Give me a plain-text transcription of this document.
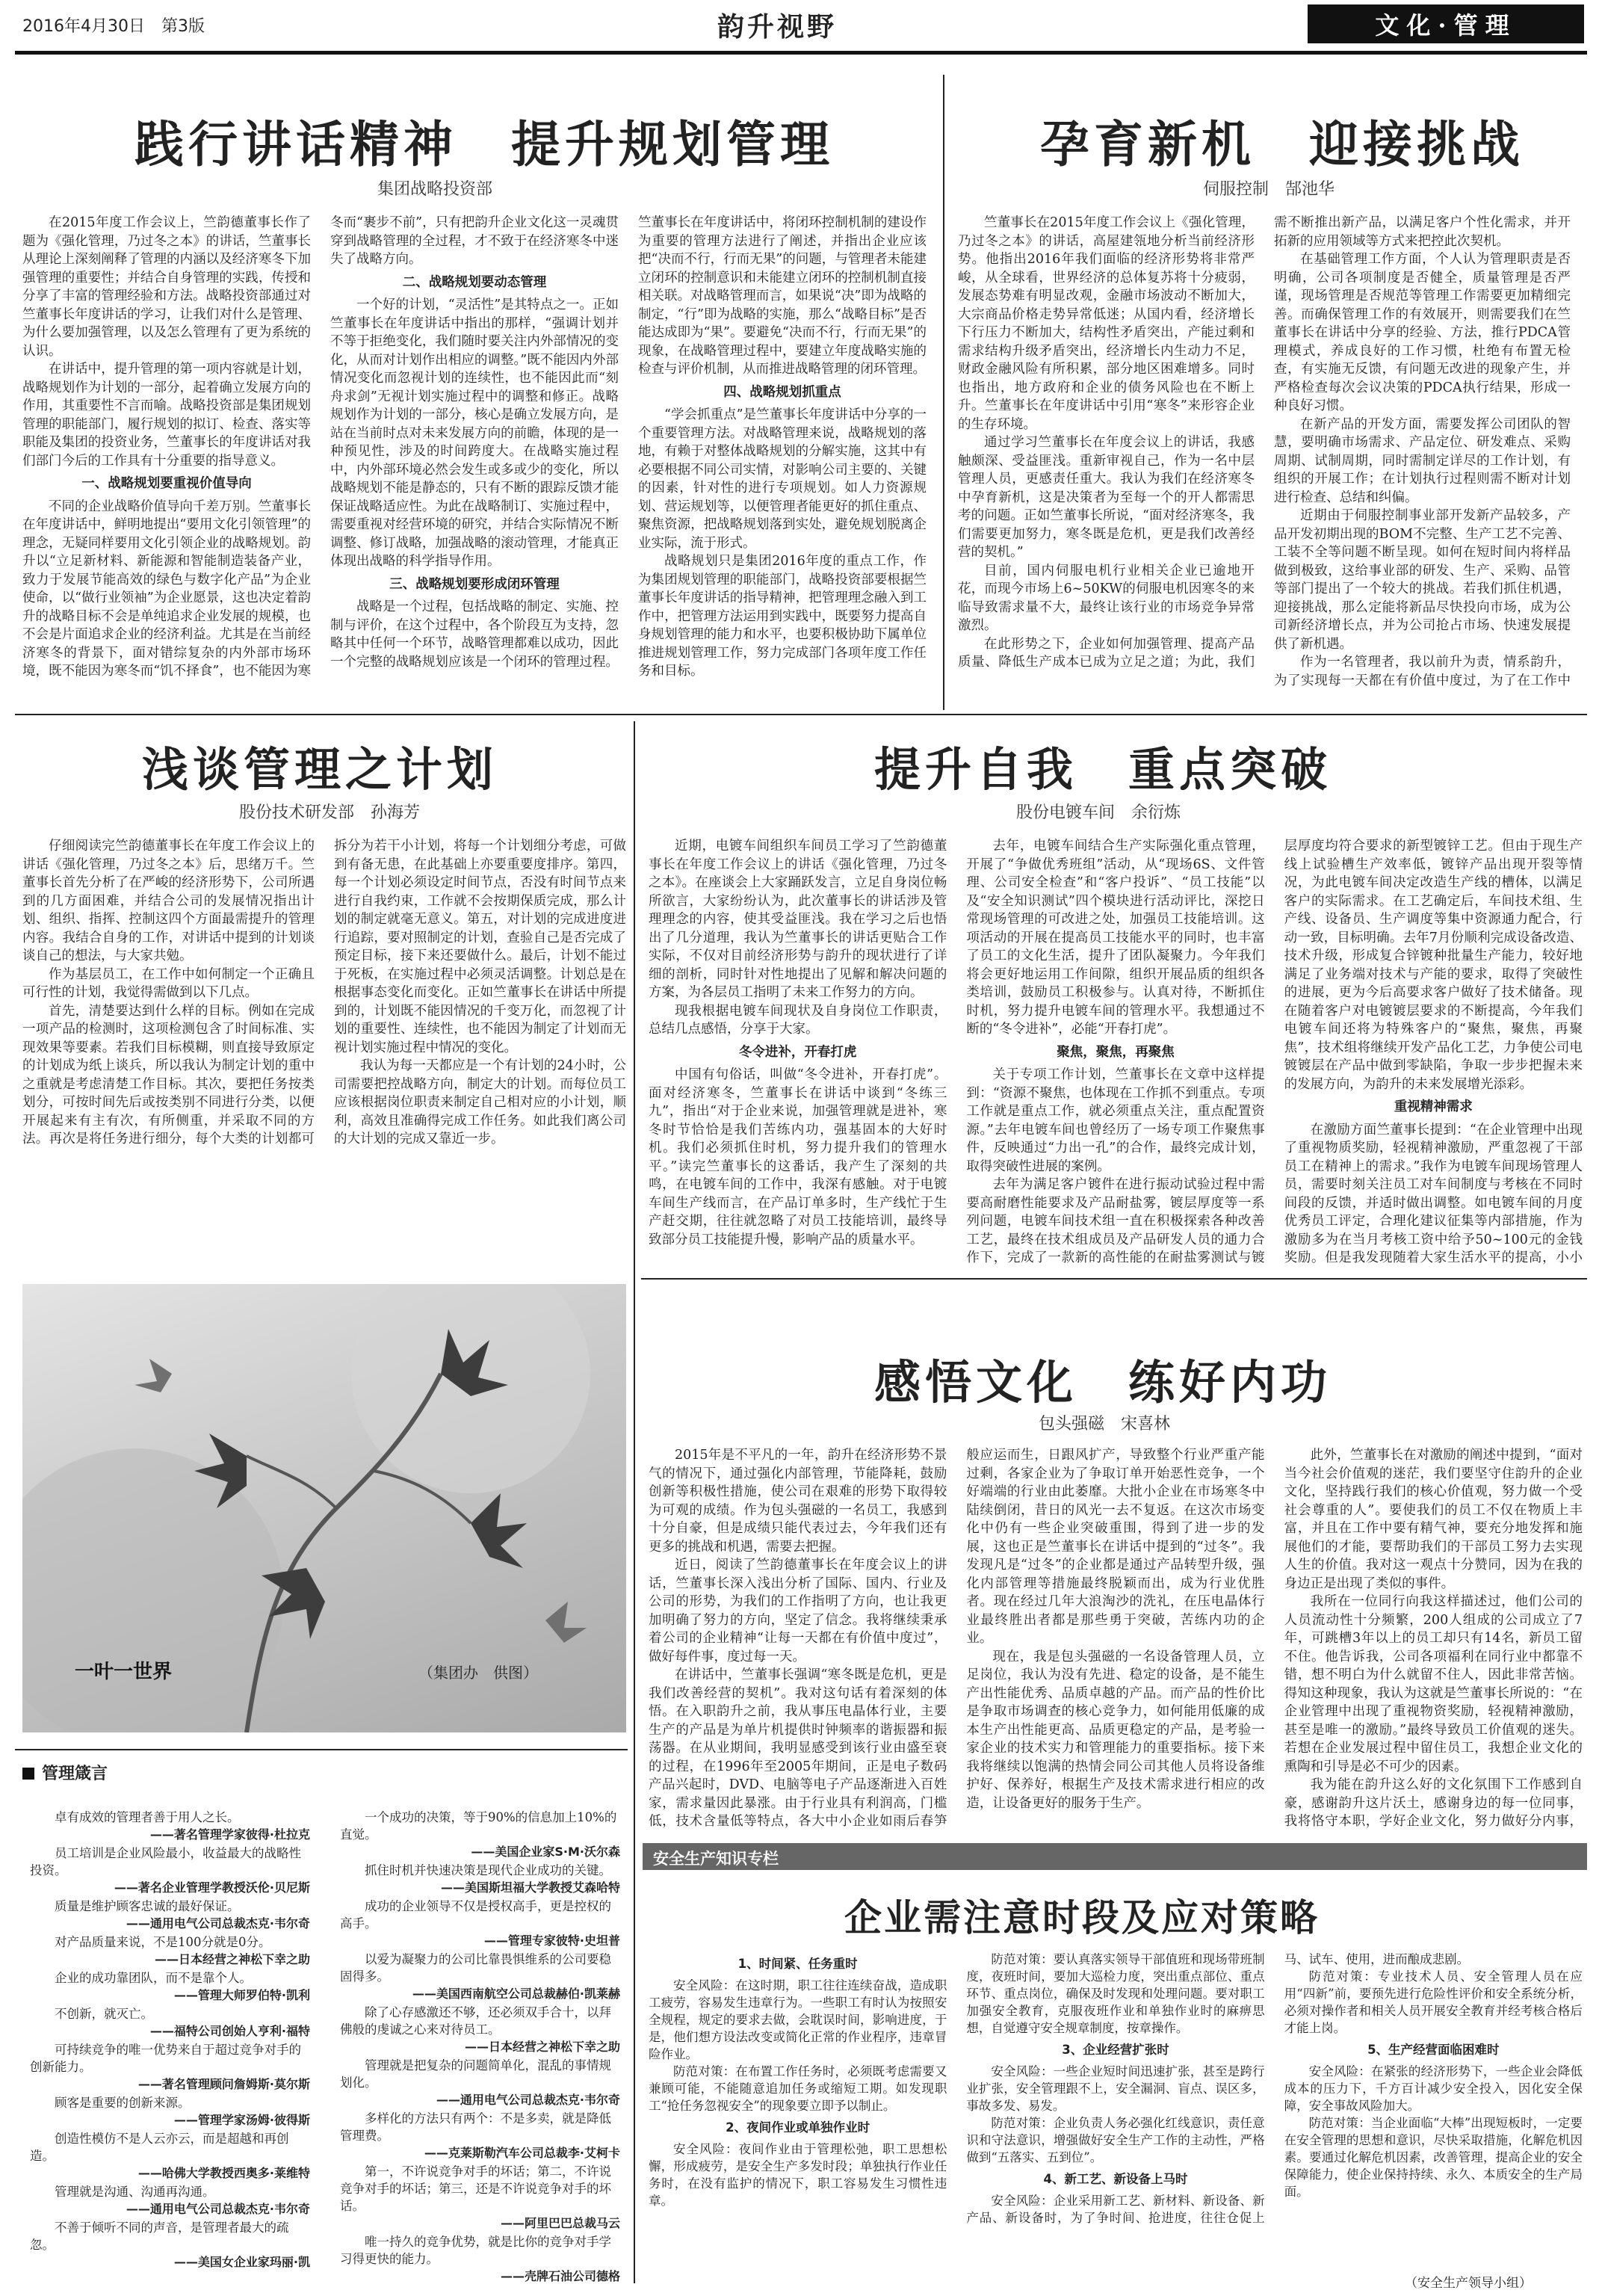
2016年4月30日　第3版	韵升视野	文化·管理
践行讲话精神　提升规划管理
集团战略投资部

在2015年度工作会议上，竺韵德董事长作了题为《强化管理，乃过冬之本》的讲话，竺董事长从理论上深刻阐释了管理的内涵以及经济寒冬下加强管理的重要性；并结合自身管理的实践，传授和分享了丰富的管理经验和方法。战略投资部通过对竺董事长年度讲话的学习，让我们对什么是管理、为什么要加强管理，以及怎么管理有了更为系统的认识。

在讲话中，提升管理的第一项内容就是计划，战略规划作为计划的一部分，起着确立发展方向的作用，其重要性不言而喻。战略投资部是集团规划管理的职能部门，履行规划的拟订、检查、落实等职能及集团的投资业务，竺董事长的年度讲话对我们部门今后的工作具有十分重要的指导意义。

一、战略规划要重视价值导向

不同的企业战略价值导向千差万别。竺董事长在年度讲话中，鲜明地提出“要用文化引领管理”的理念，无疑同样要用文化引领企业的战略规划。韵升以“立足新材料、新能源和智能制造装备产业，致力于发展节能高效的绿色与数字化产品”为企业使命，以“做行业领袖”为企业愿景，这也决定着韵升的战略目标不会是单纯追求企业发展的规模，也不会是片面追求企业的经济利益。尤其是在当前经济寒冬的背景下，面对错综复杂的内外部市场环境，既不能因为寒冬而“饥不择食”，也不能因为寒冬而“裹步不前”，只有把韵升企业文化这一灵魂贯穿到战略管理的全过程，才不致于在经济寒冬中迷失了战略方向。

二、战略规划要动态管理

一个好的计划，“灵活性”是其特点之一。正如竺董事长在年度讲话中指出的那样，“强调计划并不等于拒绝变化，我们随时要关注内外部情况的变化，从而对计划作出相应的调整。”既不能因内外部情况变化而忽视计划的连续性，也不能因此而“刻舟求剑”无视计划实施过程中的调整和修正。战略规划作为计划的一部分，核心是确立发展方向，是站在当前时点对未来发展方向的前瞻，体现的是一种预见性，涉及的时间跨度大。在战略实施过程中，内外部环境必然会发生或多或少的变化，所以战略规划不能是静态的，只有不断的跟踪反馈才能保证战略适应性。为此在战略制订、实施过程中，需要重视对经营环境的研究，并结合实际情况不断调整、修订战略，加强战略的滚动管理，才能真正体现出战略的科学指导作用。

三、战略规划要形成闭环管理

战略是一个过程，包括战略的制定、实施、控制与评价，在这个过程中，各个阶段互为支持，忽略其中任何一个环节，战略管理都难以成功，因此一个完整的战略规划应该是一个闭环的管理过程。竺董事长在年度讲话中，将闭环控制机制的建设作为重要的管理方法进行了阐述，并指出企业应该把“决而不行，行而无果”的问题，与管理者未能建立闭环的控制意识和未能建立闭环的控制机制直接相关联。对战略管理而言，如果说“决”即为战略的制定，“行”即为战略的实施，那么“战略目标”是否能达成即为“果”。要避免“决而不行，行而无果”的现象，在战略管理过程中，要建立年度战略实施的检查与评价机制，从而推进战略管理的闭环管理。

四、战略规划抓重点

“学会抓重点”是竺董事长年度讲话中分享的一个重要管理方法。对战略管理来说，战略规划的落地，有赖于对整体战略规划的分解实施，这其中有必要根据不同公司实情，对影响公司主要的、关键的因素，针对性的进行专项规划。如人力资源规划、营运规划等，以便管理者能更好的抓住重点、聚焦资源，把战略规划落到实处，避免规划脱离企业实际，流于形式。

战略规划只是集团2016年度的重点工作，作为集团规划管理的职能部门，战略投资部要根据竺董事长年度讲话的指导精神，把管理理念融入到工作中，把管理方法运用到实践中，既要努力提高自身规划管理的能力和水平，也要积极协助下属单位推进规划管理工作，努力完成部门各项年度工作任务和目标。

孕育新机　迎接挑战
伺服控制　郜池华

竺董事长在2015年度工作会议上《强化管理，乃过冬之本》的讲话，高屋建瓴地分析当前经济形势。他指出2016年我们面临的经济形势将非常严峻，从全球看，世界经济的总体复苏将十分疲弱，发展态势难有明显改观，金融市场波动不断加大，大宗商品价格走势异常低迷；从国内看，经济增长下行压力不断加大，结构性矛盾突出，产能过剩和需求结构升级矛盾突出，经济增长内生动力不足，财政金融风险有所积累，部分地区困难增多。同时也指出，地方政府和企业的债务风险也在不断上升。竺董事长在年度讲话中引用“寒冬”来形容企业的生存环境。

通过学习竺董事长在年度会议上的讲话，我感触颇深、受益匪浅。重新审视自己，作为一名中层管理人员，更感责任重大。我认为我们在经济寒冬中孕育新机，这是决策者为至每一个的开人都需思考的问题。正如竺董事长所说，“面对经济寒冬，我们需要更加努力，寒冬既是危机，更是我们改善经营的契机。”

目前，国内伺服电机行业相关企业已逾地开花，而现今市场上6~50KW的伺服电机因寒冬的来临导致需求量不大，最终让该行业的市场竞争异常激烈。

在此形势之下，企业如何加强管理、提高产品质量、降低生产成本已成为立足之道；为此，我们需不断推出新产品，以满足客户个性化需求，并开拓新的应用领域等方式来把控此次契机。

在基础管理工作方面，个人认为管理职责是否明确，公司各项制度是否健全，质量管理是否严谨，现场管理是否规范等管理工作需要更加精细完善。而确保管理工作的有效展开，则需要我们在竺董事长在讲话中分享的经验、方法，推行PDCA管理模式，养成良好的工作习惯，杜绝有布置无检查，有实施无反馈，有问题无改进的现象产生，并严格检查每次会议决策的PDCA执行结果，形成一种良好习惯。

在新产品的开发方面，需要发挥公司团队的智慧，要明确市场需求、产品定位、研发难点、采购周期、试制周期，同时需制定详尽的工作计划，有组织的开展工作；在计划执行过程则需不断对计划进行检查、总结和纠偏。

近期由于伺服控制事业部开发新产品较多，产品开发初期出现的BOM不完整、生产工艺不完善、工装不全等问题不断呈现。如何在短时间内将样品做到极致，这给事业部的研发、生产、采购、品管等部门提出了一个较大的挑战。若我们抓住机遇，迎接挑战，那么定能将新品尽快投向市场，成为公司新经济增长点，并为公司抢占市场、快速发展提供了新机遇。

作为一名管理者，我以前升为责，情系韵升，为了实现每一天都在有价值中度过，为了在工作中

浅谈管理之计划
股份技术研发部　孙海芳

仔细阅读完竺韵德董事长在年度工作会议上的讲话《强化管理，乃过冬之本》后，思绪万千。竺董事长首先分析了在严峻的经济形势下，公司所遇到的几方面困难，并结合公司的发展情况指出计划、组织、指挥、控制这四个方面最需提升的管理内容。我结合自身的工作，对讲话中提到的计划谈谈自己的想法，与大家共勉。

作为基层员工，在工作中如何制定一个正确且可行性的计划，我觉得需做到以下几点。

首先，清楚要达到什么样的目标。例如在完成一项产品的检测时，这项检测包含了时间标准、实现效果等要素。若我们目标模糊，则直接导致原定的计划成为纸上谈兵，所以我认为制定计划的重中之重就是考虑清楚工作目标。其次，要把任务按类划分，可按时间先后或按类别不同进行分类，以便开展起来有主有次，有所侧重，并采取不同的方法。再次是将任务进行细分，每个大类的计划都可拆分为若干小计划，将每一个计划细分考虑，可做到有备无患，在此基础上亦要重要度排序。第四，每一个计划必须设定时间节点，否没有时间节点来进行自我约束，工作就不会按期保质完成，那么计划的制定就毫无意义。第五，对计划的完成进度进行追踪，要对照制定的计划，查验自己是否完成了预定目标，接下来还要做什么。最后，计划不能过于死板，在实施过程中必须灵活调整。计划总是在根据事态变化而变化。正如竺董事长在讲话中所提到的，计划既不能因情况的千变万化，而忽视了计划的重要性、连续性，也不能因为制定了计划而无视计划实施过程中情况的变化。

我认为每一天都应是一个有计划的24小时，公司需要把控战略方向，制定大的计划。而每位员工应该根据岗位职责来制定自己相对应的小计划，顺利，高效且准确得完成工作任务。如此我们离公司的大计划的完成又靠近一步。

提升自我　重点突破
股份电镀车间　余衍炼

近期，电镀车间组织车间员工学习了竺韵德董事长在年度工作会议上的讲话《强化管理，乃过冬之本》。在座谈会上大家踊跃发言，立足自身岗位畅所欲言，大家纷纷认为，此次董事长的讲话涉及管理理念的内容，使其受益匪浅。我在学习之后也悟出了几分道理，我认为竺董事长的讲话更贴合工作实际，不仅对目前经济形势与韵升的现状进行了详细的剖析，同时针对性地提出了见解和解决问题的方案，为各层员工指明了未来工作努力的方向。

现我根据电镀车间现状及自身岗位工作职责，总结几点感悟，分享于大家。

冬令进补，开春打虎

中国有句俗话，叫做“冬令进补，开春打虎”。面对经济寒冬，竺董事长在讲话中谈到“冬练三九”，指出“对于企业来说，加强管理就是进补，寒冬时节恰恰是我们苦练内功，强基固本的大好时机。我们必须抓住时机，努力提升我们的管理水平。”读完竺董事长的这番话，我产生了深刻的共鸣，在电镀车间的工作中，我深有感触。对于电镀车间生产线而言，在产品订单多时，生产线忙于生产赶交期，往往就忽略了对员工技能培训，最终导致部分员工技能提升慢，影响产品的质量水平。

去年，电镀车间结合生产实际强化重点管理，开展了“争做优秀班组”活动，从“现场6S、文件管理、公司安全检查”和“客户投诉”、“员工技能”以及“安全知识测试”四个模块进行活动评比，深挖日常现场管理的可改进之处，加强员工技能培训。这项活动的开展在提高员工技能水平的同时，也丰富了员工的文化生活，提升了团队凝聚力。今年我们将会更好地运用工作间隙，组织开展品质的组织各类培训，鼓励员工积极参与。认真对待，不断抓住时机，努力提升电镀车间的管理水平。我想通过不断的“冬令进补”，必能“开春打虎”。

聚焦，聚焦，再聚焦

关于专项工作计划，竺董事长在文章中这样提到：“资源不聚焦，也体现在工作抓不到重点。专项工作就是重点工作，就必须重点关注，重点配置资源。”去年电镀车间也曾经历了一场专项工作聚焦事件，反映通过“力出一孔”的合作，最终完成计划，取得突破性进展的案例。

去年为满足客户镀件在进行振动试验过程中需要高耐磨性能要求及产品耐盐雾，镀层厚度等一系列问题，电镀车间技术组一直在积极探索各种改善工艺，最终在技术组成员及产品研发人员的通力合作下，完成了一款新的高性能的在耐盐雾测试与镀层厚度均符合要求的新型镀锌工艺。但由于现生产线上试验槽生产效率低，镀锌产品出现开裂等情况，为此电镀车间决定改造生产线的槽体，以满足客户的实际需求。在工艺确定后，车间技术组、生产线、设备员、生产调度等集中资源通力配合，行动一致，目标明确。去年7月份顺利完成设备改造、技术升级，形成复合锌镀种批量生产能力，较好地满足了业务端对技术与产能的要求，取得了突破性的进展，更为今后高要求客户做好了技术储备。现在随着客户对电镀镀层要求的不断提高，今年我们电镀车间还将为特殊客户的“聚焦，聚焦，再聚焦”，技术组将继续开发产品化工艺，力争使公司电镀镀层在产品中做到零缺陷，争取一步步把握未来的发展方向，为韵升的未来发展增光添彩。

重视精神需求

在激励方面竺董事长提到：“在企业管理中出现了重视物质奖励，轻视精神激励，严重忽视了干部员工在精神上的需求。”我作为电镀车间现场管理人员，需要时刻关注员工对车间制度与考核在不同时间段的反馈，并适时做出调整。如电镀车间的月度优秀员工评定，合理化建议征集等内部措施，作为激励多为在当月考核工资中给予50~100元的金钱奖励。但是我发现随着大家生活水平的提高，小小

一叶一世界	（集团办　供图）
管理箴言

卓有成效的管理者善于用人之长。

——著名管理学家彼得·杜拉克

员工培训是企业风险最小，收益最大的战略性投资。

——著名企业管理学教授沃伦·贝尼斯

质量是维护顾客忠诚的最好保证。

——通用电气公司总裁杰克·韦尔奇

对产品质量来说，不是100分就是0分。

——日本经营之神松下幸之助

企业的成功靠团队，而不是靠个人。

——管理大师罗伯特·凯利

不创新，就灭亡。

——福特公司创始人亨利·福特

可持续竞争的唯一优势来自于超过竞争对手的创新能力。

——著名管理顾问詹姆斯·莫尔斯

顾客是重要的创新来源。

——管理学家汤姆·彼得斯

创造性模仿不是人云亦云，而是超越和再创造。

——哈佛大学教授西奥多·莱维特

管理就是沟通、沟通再沟通。

——通用电气公司总裁杰克·韦尔奇

不善于倾听不同的声音，是管理者最大的疏忽。

——美国女企业家玛丽·凯

一个成功的决策，等于90%的信息加上10%的直觉。

——美国企业家S·M·沃尔森

抓住时机并快速决策是现代企业成功的关键。

——美国斯坦福大学教授艾森哈特

成功的企业领导不仅是授权高手，更是控权的高手。

——管理专家彼特·史坦普

以爱为凝聚力的公司比靠畏惧维系的公司要稳固得多。

——美国西南航空公司总裁赫伯·凯莱赫

除了心存感激还不够，还必须双手合十，以拜佛般的虔诚之心来对待员工。

——日本经营之神松下幸之助

管理就是把复杂的问题简单化，混乱的事情规划化。

——通用电气公司总裁杰克·韦尔奇

多样化的方法只有两个：不是多卖，就是降低管理费。

——克莱斯勒汽车公司总裁李·艾柯卡

第一，不许说竞争对手的坏话；第二，不许说竞争对手的坏话；第三，还是不许说竞争对手的坏话。

——阿里巴巴总裁马云

唯一持久的竞争优势，就是比你的竞争对手学习得更快的能力。

——壳牌石油公司德格

感悟文化　练好内功
包头强磁　宋喜林

2015年是不平凡的一年，韵升在经济形势不景气的情况下，通过强化内部管理，节能降耗，鼓励创新等积极性措施，使公司在艰难的形势下取得较为可观的成绩。作为包头强磁的一名员工，我感到十分自豪，但是成绩只能代表过去，今年我们还有更多的挑战和机遇，需要去把握。

近日，阅读了竺韵德董事长在年度会议上的讲话，竺董事长深入浅出分析了国际、国内、行业及公司的形势，为我们的工作指明了方向，也让我更加明确了努力的方向，坚定了信念。我将继续秉承着公司的企业精神“让每一天都在有价值中度过”，做好每件事，度过每一天。

在讲话中，竺董事长强调“寒冬既是危机，更是我们改善经营的契机”。我对这句话有着深刻的体悟。在入职韵升之前，我从事压电晶体行业，主要生产的产品是为单片机提供时钟频率的谐振器和振荡器。在从业期间，我明显感受到该行业由盛至衰的过程，在1996年至2005年期间，正是电子数码产品兴起时，DVD、电脑等电子产品逐渐进入百姓家，需求量因此暴涨。由于行业具有利润高，门槛低，技术含量低等特点，各大中小企业如雨后春笋般应运而生，日跟风扩产，导致整个行业严重产能过剩，各家企业为了争取订单开始恶性竞争，一个好端端的行业由此萎靡。大批小企业在市场寒冬中陆续倒闭，昔日的风光一去不复返。在这次市场变化中仍有一些企业突破重围，得到了进一步的发展，这也正是竺董事长在讲话中提到的“过冬”。我发现凡是“过冬”的企业都是通过产品转型升级，强化内部管理等措施最终脱颖而出，成为行业优胜者。现在经过几年大浪淘沙的洗礼，在压电晶体行业最终胜出者都是那些勇于突破，苦练内功的企业。

现在，我是包头强磁的一名设备管理人员，立足岗位，我认为没有先进、稳定的设备，是不能生产出性能优秀、品质卓越的产品。而产品的性价比是争取市场调查的核心竞争力，如何能用低廉的成本生产出性能更高、品质更稳定的产品，是考验一家企业的技术实力和管理能力的重要指标。接下来我将继续以饱满的热情会同公司其他人员将设备维护好、保养好，根据生产及技术需求进行相应的改造，让设备更好的服务于生产。

此外，竺董事长在对激励的阐述中提到，“面对当今社会价值观的迷茫，我们要坚守住韵升的企业文化，坚持践行我们的核心价值观，努力做一个受社会尊重的人”。要使我们的员工不仅在物质上丰富，并且在工作中要有精气神，要充分地发挥和施展他们的才能，要帮助我们的干部员工努力去实现人生的价值。我对这一观点十分赞同，因为在我的身边正是出现了类似的事件。

我所在一位同行向我这样描述过，他们公司的人员流动性十分频繁，200人组成的公司成立了7年，可跳槽3年以上的员工却只有14名，新员工留不住。他告诉我，公司各项福利在同行业中都靠不错，想不明白为什么就留不住人，因此非常苦恼。得知这种现象，我认为这就是竺董事长所说的：“在企业管理中出现了重视物资奖励，轻视精神激励，甚至是唯一的激励。”最终导致员工价值观的迷失。若想在企业发展过程中留住员工，我想企业文化的熏陶和引导是必不可少的因素。

我为能在韵升这么好的文化氛围下工作感到自豪，感谢韵升这片沃土，感谢身边的每一位同事，我将恪守本职，学好企业文化，努力做好分内事，

安全生产知识专栏
企业需注意时段及应对策略

1、时间紧、任务重时

安全风险：在这时期，职工往往连续奋战，造成职工疲劳，容易发生违章行为。一些职工有时认为按照安全规程，规定的要求去做，会耽误时间，影响进度，于是，他们想方设法改变或简化正常的作业程序，违章冒险作业。

防范对策：在布置工作任务时，必须既考虑需要又兼顾可能，不能随意追加任务或缩短工期。如发现职工“抢任务忽视安全”的现象要立即予以制止。

2、夜间作业或单独作业时

安全风险：夜间作业由于管理松弛，职工思想松懈，形成疲劳，是安全生产多发时段；单独执行作业任务时，在没有监护的情况下，职工容易发生习惯性违章。

防范对策：要认真落实领导干部值班和现场带班制度，夜班时间，要加大巡检力度，突出重点部位、重点环节、重点岗位，确保及时发现和处理问题。要对职工加强安全教育，克服夜班作业和单独作业时的麻痹思想，自觉遵守安全规章制度，按章操作。

3、企业经营扩张时

安全风险：一些企业短时间迅速扩张，甚至是跨行业扩张，安全管理跟不上，安全漏洞、盲点、误区多，事故多发、易发。

防范对策：企业负责人务必强化红线意识，责任意识和守法意识，增强做好安全生产工作的主动性，严格做到“五落实、五到位”。

4、新工艺、新设备上马时

安全风险：企业采用新工艺、新材料、新设备、新产品、新设备时，为了争时间、抢进度，往往仓促上马、试车、使用，进而酿成悲剧。

防范对策：专业技术人员、安全管理人员在应用“四新”前，要预先进行危险性评价和安全系统分析，必须对操作者和相关人员开展安全教育并经考核合格后才能上岗。

5、生产经营面临困难时

安全风险：在紧张的经济形势下，一些企业会降低成本的压力下，千方百计减少安全投入，因化安全保障，安全事故风险加大。

防范对策：当企业面临“大棒”出现短板时，一定要在安全管理的思想和意识，尽快采取措施，化解危机因素。要通过化解危机因素，改善管理，提高企业的安全保障能力，使企业保持持续、永久、本质安全的生产局面。

（安全生产领导小组）
